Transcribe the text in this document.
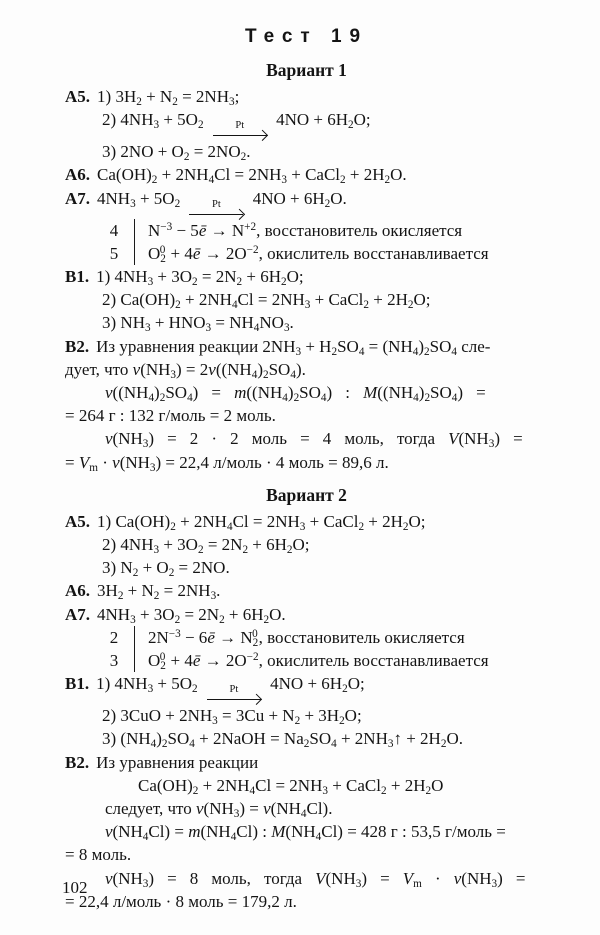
Тест 19
Вариант 1
А5. 1) $3H_2 + N_2 = 2NH_3$;
2) $4NH_3 + 5O_2$	Pt $4NO + 6H_2O$;
3) $2NO + O_2 = 2NO_2$.
А6. $Ca(OH)_2 + 2NH_4Cl = 2NH_3$ + CaCl$_2$ + $2H_2O$.
А7. $4NH_3 + 5O_2$	Pt $4NO + 6H_2O$.
4 $N^{-3}$ − 5ē → $N^{+2}$, восстановитель окисляется
5 $O_2^0$ + 4ē → $2O^{-2}$, окислитель восстанавливается
В1. 1) $4NH_3 + 3O_2 = 2N_2 + 6H_2O$;
2) $Ca(OH)_2 + 2NH_4Cl = 2NH_3$ + CaCl$_2$ + $2H_2O$;
3) $NH_3 + HNO_3 = NH_4NO_3$.
В2. Из уравнения реакции $2NH_3 + H_2SO_4 = (NH_4)_2SO_4$ сле-
дует, что $\nu(NH_3) = 2\nu((NH_4)_2SO_4)$.
$\nu((NH_4)_2SO_4) = m((NH_4)_2SO_4)$ : $M((NH_4)_2SO_4)$ =
= 264 г : 132 г/моль = 2 моль.
$\nu(NH_3) = 2 \cdot 2$ моль = 4 моль, тогда $V(NH_3)$ =
= $V_m \cdot \nu(NH_3) = 22,4$ л/моль · 4 моль = 89,6 л.
Вариант 2
А5. 1) $Ca(OH)_2 + 2NH_4Cl = 2NH_3$ + CaCl$_2$ + $2H_2O$;
2) $4NH_3 + 3O_2 = 2N_2 + 6H_2O$;
3) $N_2 + O_2 = 2NO$.
А6. $3H_2 + N_2 = 2NH_3$.
А7. $4NH_3 + 3O_2 = 2N_2 + 6H_2O$.
2 $2N^{-3}$ − 6ē → $N_2^0$, восстановитель окисляется
3 $O_2^0$ + 4ē → $2O^{-2}$, окислитель восстанавливается
В1. 1) $4NH_3 + 5O_2$	Pt $4NO + 6H_2O$;
2) $3CuO + 2NH_3 = 3Cu + N_2 + 3H_2O$;
3) $(NH_4)_2SO_4$ + 2NaOH = $Na_2SO_4$ + $2NH_3↑ + 2H_2O$.
В2. Из уравнения реакции
$Ca(OH)_2 + 2NH_4Cl = 2NH_3$ + CaCl$_2$ + $2H_2O$
следует, что $\nu(NH_3) = \nu(NH_4Cl)$.
$\nu(NH_4Cl) = m(NH_4Cl)$ : $M(NH_4Cl) = 428$ г : 53,5 г/моль =
= 8 моль.
$\nu(NH_3) = 8$ моль, тогда $V(NH_3) = V_m \cdot \nu(NH_3)$ =
= 22,4 л/моль · 8 моль = 179,2 л.
102
